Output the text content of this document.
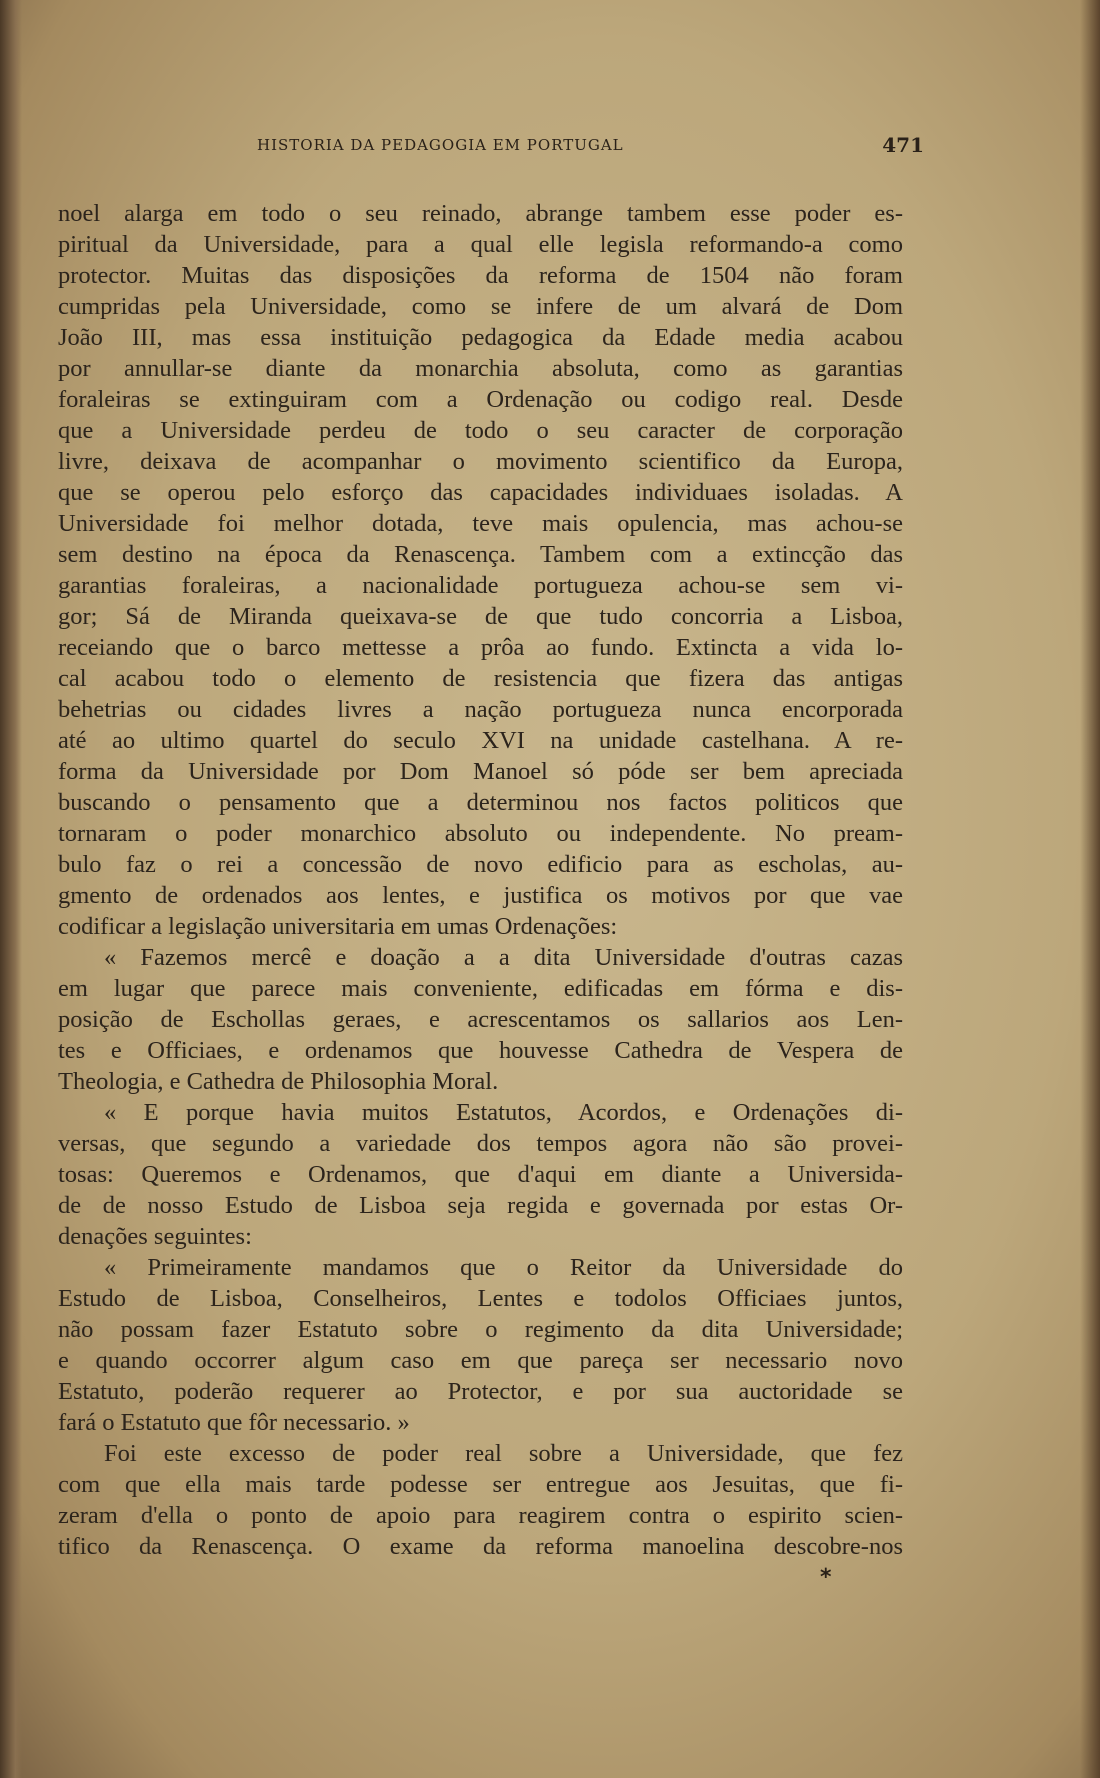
HISTORIA DA PEDAGOGIA EM PORTUGAL	471
noel alarga em todo o seu reinado, abrange tambem esse poder es-
piritual da Universidade, para a qual elle legisla reformando-a como
protector. Muitas das disposições da reforma de 1504 não foram
cumpridas pela Universidade, como se infere de um alvará de Dom
João III, mas essa instituição pedagogica da Edade media acabou
por annullar-se diante da monarchia absoluta, como as garantias
foraleiras se extinguiram com a Ordenação ou codigo real. Desde
que a Universidade perdeu de todo o seu caracter de corporação
livre, deixava de acompanhar o movimento scientifico da Europa,
que se operou pelo esforço das capacidades individuaes isoladas. A
Universidade foi melhor dotada, teve mais opulencia, mas achou-se
sem destino na época da Renascença. Tambem com a extincção das
garantias foraleiras, a nacionalidade portugueza achou-se sem vi-
gor; Sá de Miranda queixava-se de que tudo concorria a Lisboa,
receiando que o barco mettesse a prôa ao fundo. Extincta a vida lo-
cal acabou todo o elemento de resistencia que fizera das antigas
behetrias ou cidades livres a nação portugueza nunca encorporada
até ao ultimo quartel do seculo XVI na unidade castelhana. A re-
forma da Universidade por Dom Manoel só póde ser bem apreciada
buscando o pensamento que a determinou nos factos politicos que
tornaram o poder monarchico absoluto ou independente. No pream-
bulo faz o rei a concessão de novo edificio para as escholas, au-
gmento de ordenados aos lentes, e justifica os motivos por que vae
codificar a legislação universitaria em umas Ordenações:
« Fazemos mercê e doação a a dita Universidade d'outras cazas
em lugar que parece mais conveniente, edificadas em fórma e dis-
posição de Eschollas geraes, e acrescentamos os sallarios aos Len-
tes e Officiaes, e ordenamos que houvesse Cathedra de Vespera de
Theologia, e Cathedra de Philosophia Moral.
« E porque havia muitos Estatutos, Acordos, e Ordenações di-
versas, que segundo a variedade dos tempos agora não são provei-
tosas: Queremos e Ordenamos, que d'aqui em diante a Universida-
de de nosso Estudo de Lisboa seja regida e governada por estas Or-
denações seguintes:
« Primeiramente mandamos que o Reitor da Universidade do
Estudo de Lisboa, Conselheiros, Lentes e todolos Officiaes juntos,
não possam fazer Estatuto sobre o regimento da dita Universidade;
e quando occorrer algum caso em que pareça ser necessario novo
Estatuto, poderão requerer ao Protector, e por sua auctoridade se
fará o Estatuto que fôr necessario. »
Foi este excesso de poder real sobre a Universidade, que fez
com que ella mais tarde podesse ser entregue aos Jesuitas, que fi-
zeram d'ella o ponto de apoio para reagirem contra o espirito scien-
tifico da Renascença. O exame da reforma manoelina descobre-nos
*
